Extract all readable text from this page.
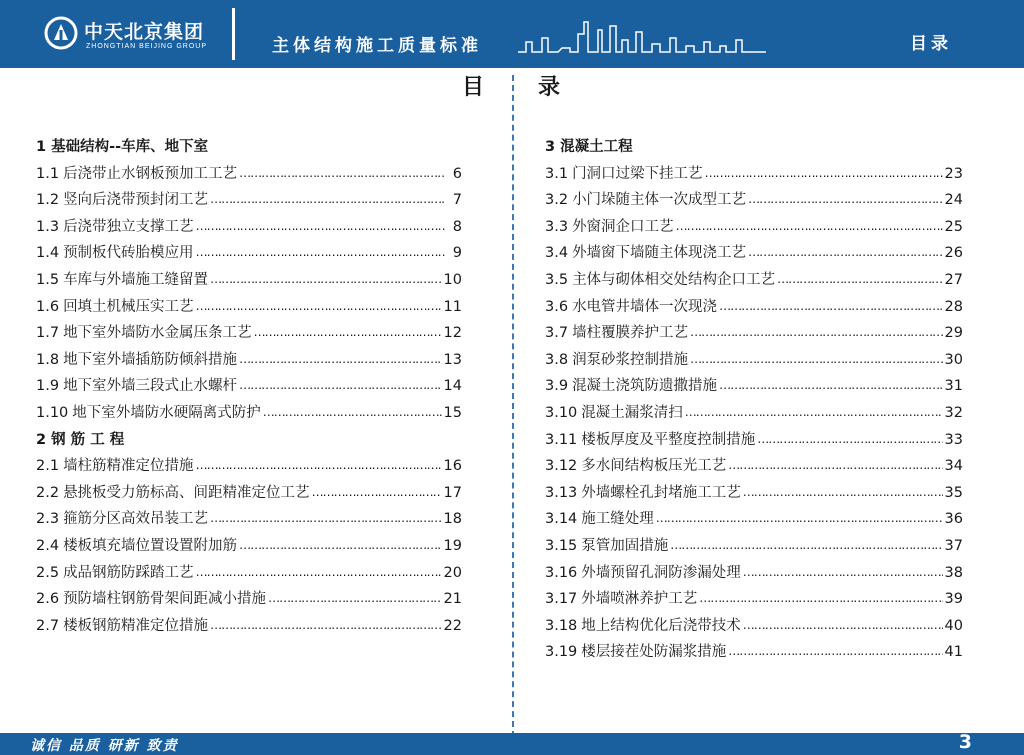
中天北京集团
ZHONGTIAN BEIJING GROUP	主体结构施工质量标准	目录
目 录
1 基础结构--车库、地下室
1.1 后浇带止水钢板预加工工艺 ……………………………………………………………………………………………………………	6
1.2 竖向后浇带预封闭工艺 ……………………………………………………………………………………………………………	7
1.3 后浇带独立支撑工艺 ……………………………………………………………………………………………………………	8
1.4 预制板代砖胎模应用 ……………………………………………………………………………………………………………	9
1.5 车库与外墙施工缝留置 ……………………………………………………………………………………………………………	10
1.6 回填土机械压实工艺 ……………………………………………………………………………………………………………	11
1.7 地下室外墙防水金属压条工艺 ……………………………………………………………………………………………………………	12
1.8 地下室外墙插筋防倾斜措施 ……………………………………………………………………………………………………………	13
1.9 地下室外墙三段式止水螺杆 ……………………………………………………………………………………………………………	14
1.10 地下室外墙防水硬隔离式防护 ……………………………………………………………………………………………………………	15
2 钢 筋 工 程
2.1 墙柱筋精准定位措施 ……………………………………………………………………………………………………………	16
2.2 悬挑板受力筋标高、间距精准定位工艺 ……………………………………………………………………………………………………………	17
2.3 箍筋分区高效吊装工艺 ……………………………………………………………………………………………………………	18
2.4 楼板填充墙位置设置附加筋 ……………………………………………………………………………………………………………	19
2.5 成品钢筋防踩踏工艺 ……………………………………………………………………………………………………………	20
2.6 预防墙柱钢筋骨架间距减小措施 ……………………………………………………………………………………………………………	21
2.7 楼板钢筋精准定位措施 ……………………………………………………………………………………………………………	22
3 混凝土工程
3.1 门洞口过梁下挂工艺 ……………………………………………………………………………………………………………	23
3.2 小门垛随主体一次成型工艺 ……………………………………………………………………………………………………………	24
3.3 外窗洞企口工艺 ……………………………………………………………………………………………………………	25
3.4 外墙窗下墙随主体现浇工艺 ……………………………………………………………………………………………………………	26
3.5 主体与砌体相交处结构企口工艺 ……………………………………………………………………………………………………………	27
3.6 水电管井墙体一次现浇 ……………………………………………………………………………………………………………	28
3.7 墙柱覆膜养护工艺 ……………………………………………………………………………………………………………	29
3.8 润泵砂浆控制措施 ……………………………………………………………………………………………………………	30
3.9 混凝土浇筑防遗撒措施 ……………………………………………………………………………………………………………	31
3.10 混凝土漏浆清扫 ……………………………………………………………………………………………………………	32
3.11 楼板厚度及平整度控制措施 ……………………………………………………………………………………………………………	33
3.12 多水间结构板压光工艺 ……………………………………………………………………………………………………………	34
3.13 外墙螺栓孔封堵施工工艺 ……………………………………………………………………………………………………………	35
3.14 施工缝处理 ……………………………………………………………………………………………………………	36
3.15 泵管加固措施 ……………………………………………………………………………………………………………	37
3.16 外墙预留孔洞防渗漏处理 ……………………………………………………………………………………………………………	38
3.17 外墙喷淋养护工艺 ……………………………………………………………………………………………………………	39
3.18 地上结构优化后浇带技术 ……………………………………………………………………………………………………………	40
3.19 楼层接茬处防漏浆措施 ……………………………………………………………………………………………………………	41
诚信 品质 研新 致责	3
